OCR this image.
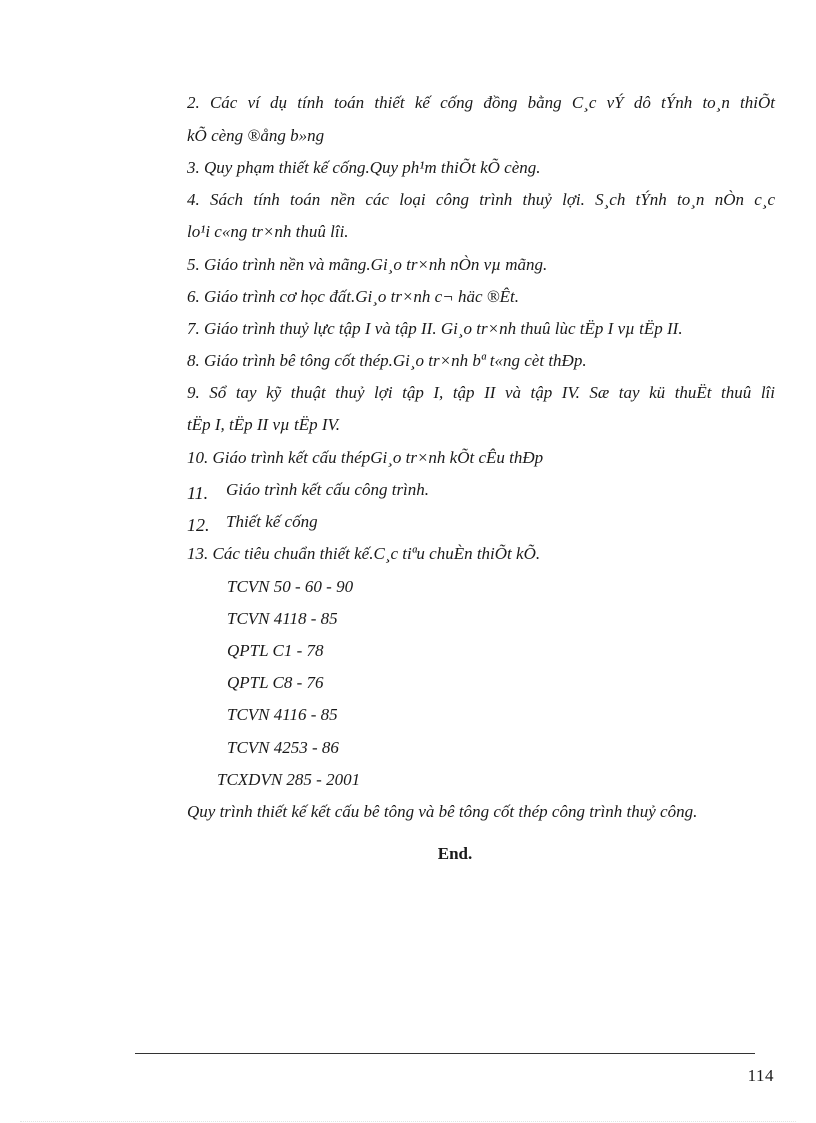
2. Các ví dụ tính toán thiết kế cống đồng bằng C¸c vÝ dô tÝnh to¸n thiÕt
kÕ cèng ®ång b»ng
3. Quy phạm thiết kế cống.Quy ph¹m thiÕt kÕ cèng.
4. Sách tính toán nền các loại công trình thuỷ lợi. S¸ch tÝnh to¸n nÒn c¸c
lo¹i c«ng tr×nh thuû lîi.
5. Giáo trình nền và mãng.Gi¸o tr×nh nÒn vµ mãng.
6. Giáo trình cơ học đất.Gi¸o tr×nh c¬ häc ®Êt.
7. Giáo trình thuỷ lực tập I và tập II. Gi¸o tr×nh thuû lùc tËp I vµ tËp II.
8. Giáo trình bê tông cốt thép.Gi¸o tr×nh bª t«ng cèt thÐp.
9. Sổ tay kỹ thuật thuỷ lợi tập I, tập II và tập IV. Sæ tay kü thuËt thuû lîi
tËp I, tËp II vµ tËp IV.
10. Giáo trình kết cấu thépGi¸o tr×nh kÕt cÊu thÐp
11. Giáo trình kết cấu công trình.
12. Thiết kế cống
13. Các tiêu chuẩn thiết kế.C¸c tiªu chuÈn thiÕt kÕ.
TCVN 50 - 60 - 90
TCVN 4118 - 85
QPTL C1 - 78
QPTL C8 - 76
TCVN 4116 - 85
TCVN 4253 - 86
TCXDVN 285 - 2001
Quy trình thiết kế kết cấu bê tông và bê tông cốt thép công trình thuỷ công.
End.
114
